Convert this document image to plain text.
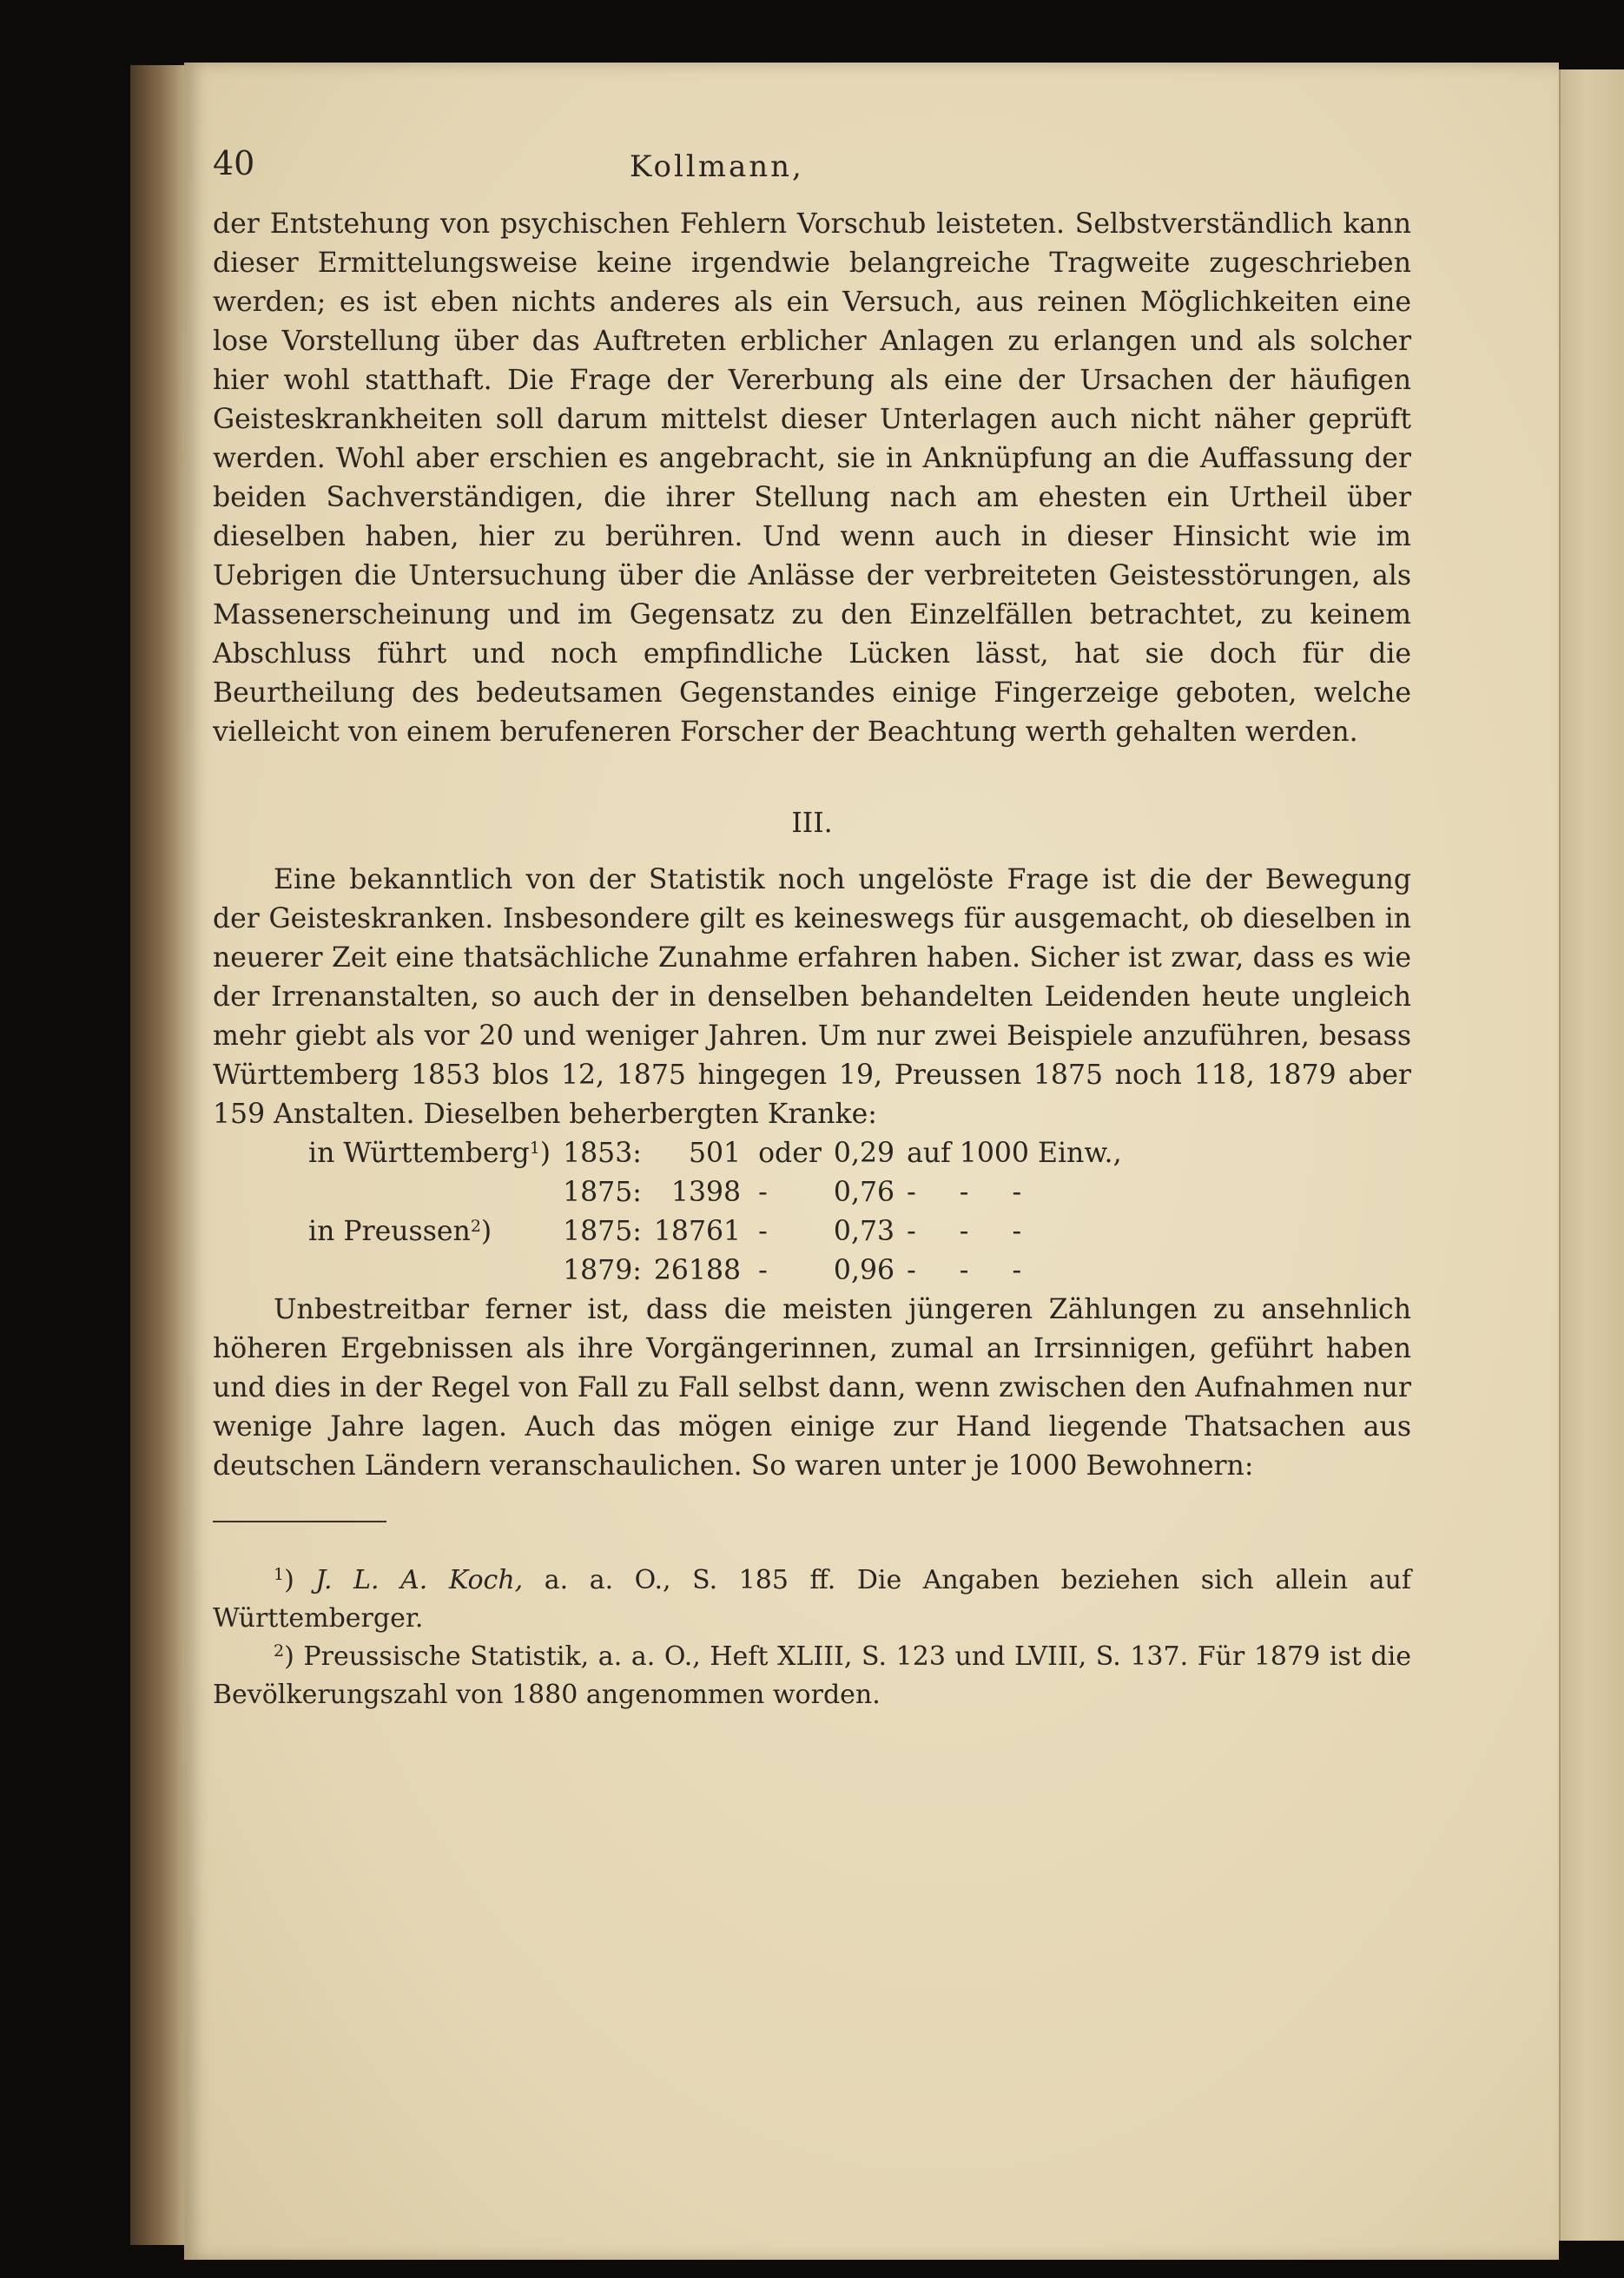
40	Kollmann,

der Entstehung von psychischen Fehlern Vorschub leisteten. Selbstverständlich kann dieser Ermittelungsweise keine irgendwie belangreiche Tragweite zugeschrieben werden; es ist eben nichts anderes als ein Versuch, aus reinen Möglichkeiten eine lose Vorstellung über das Auftreten erblicher Anlagen zu erlangen und als solcher hier wohl statthaft. Die Frage der Vererbung als eine der Ursachen der häufigen Geisteskrankheiten soll darum mittelst dieser Unterlagen auch nicht näher geprüft werden. Wohl aber erschien es angebracht, sie in Anknüpfung an die Auffassung der beiden Sachverständigen, die ihrer Stellung nach am ehesten ein Urtheil über dieselben haben, hier zu berühren. Und wenn auch in dieser Hinsicht wie im Uebrigen die Untersuchung über die Anlässe der verbreiteten Geistesstörungen, als Massenerscheinung und im Gegensatz zu den Einzelfällen betrachtet, zu keinem Abschluss führt und noch empfindliche Lücken lässt, hat sie doch für die Beurtheilung des bedeutsamen Gegenstandes einige Fingerzeige geboten, welche vielleicht von einem berufeneren Forscher der Beachtung werth gehalten werden.

III.

Eine bekanntlich von der Statistik noch ungelöste Frage ist die der Bewegung der Geisteskranken. Insbesondere gilt es keineswegs für ausgemacht, ob dieselben in neuerer Zeit eine thatsächliche Zunahme erfahren haben. Sicher ist zwar, dass es wie der Irrenanstalten, so auch der in denselben behandelten Leidenden heute ungleich mehr giebt als vor 20 und weniger Jahren. Um nur zwei Beispiele anzuführen, besass Württemberg 1853 blos 12, 1875 hingegen 19, Preussen 1875 noch 118, 1879 aber 159 Anstalten. Dieselben beherbergten Kranke:

in Württemberg$^1$)	1853:	501	oder	0,29	auf 1000 Einw.,
	1875:	1398	-	0,76	-     -     -
in Preussen$^2$)	1875:	18761	-	0,73	-     -     -
	1879:	26188	-	0,96	-     -     -

Unbestreitbar ferner ist, dass die meisten jüngeren Zählungen zu ansehnlich höheren Ergebnissen als ihre Vorgängerinnen, zumal an Irrsinnigen, geführt haben und dies in der Regel von Fall zu Fall selbst dann, wenn zwischen den Aufnahmen nur wenige Jahre lagen. Auch das mögen einige zur Hand liegende Thatsachen aus deutschen Ländern veranschaulichen. So waren unter je 1000 Bewohnern:

$^1$) J. L. A. Koch, a. a. O., S. 185 ff. Die Angaben beziehen sich allein auf Württemberger.

$^2$) Preussische Statistik, a. a. O., Heft XLIII, S. 123 und LVIII, S. 137. Für 1879 ist die Bevölkerungszahl von 1880 angenommen worden.
